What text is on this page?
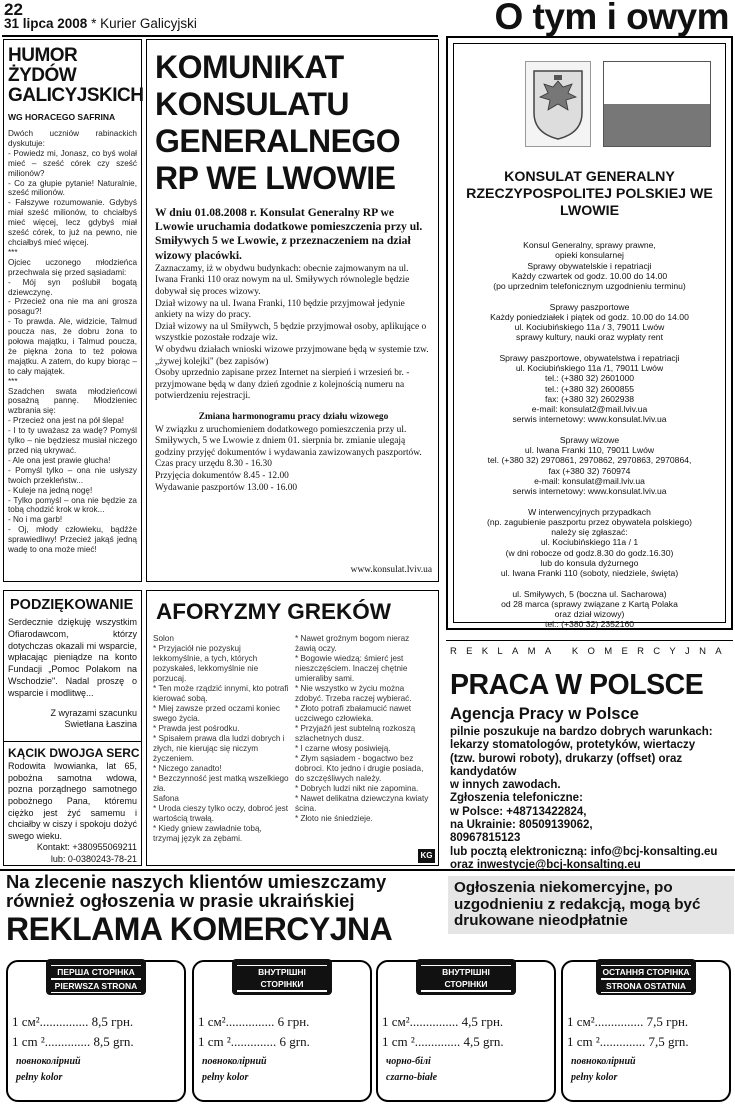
22
31 lipca 2008 * Kurier Galicyjski	O tym i owym
HUMOR ŻYDÓW GALICYJSKICH
WG HORACEGO SAFRINA
Dwóch uczniów rabinackich dyskutuje:
- Powiedz mi, Jonasz, co byś wolał mieć – sześć córek czy sześć milionów?
- Co za głupie pytanie! Naturalnie, sześć milionów.
- Fałszywe rozumowanie. Gdybyś miał sześć milionów, to chciałbyś mieć więcej, lecz gdybyś miał sześć córek, to już na pewno, nie chciałbyś mieć więcej.
***
Ojciec uczonego młodzieńca przechwala się przed sąsiadami:
- Mój syn poślubił bogatą dziewczynę.
- Przecież ona nie ma ani grosza posagu?!
- To prawda. Ale, widzicie, Talmud poucza nas, że dobru żona to połowa majątku, i Talmud poucza, że piękna żona to też połowa majątku. A zatem, do kupy biorąc – to cały majątek.
***
Szadchen swata młodzieńcowi posażną pannę. Młodzieniec wzbrania się:
- Przecież ona jest na pół ślepa!
- I to ty uważasz za wadę? Pomyśl tylko – nie będziesz musiał niczego przed nią ukrywać.
- Ale ona jest prawie głucha!
- Pomyśl tylko – ona nie usłyszy twoich przekleństw...
- Kuleje na jedną nogę!
- Tylko pomyśl – ona nie będzie za tobą chodzić krok w krok...
- No i ma garb!
- Oj, młody człowieku, bądźże sprawiedliwy! Przecież jakąś jedną wadę to ona może mieć!
KOMUNIKAT KONSULATU GENERALNEGO RP WE LWOWIE
W dniu 01.08.2008 r. Konsulat Generalny RP we Lwowie uruchamia dodatkowe pomieszczenia przy ul. Smiływych 5 we Lwowie, z przeznaczeniem na dział wizowy placówki.
Zaznaczamy, iż w obydwu budynkach: obecnie zajmowanym na ul. Iwana Franki 110 oraz nowym na ul. Smiływych równolegle będzie dobywał się proces wizowy.
Dział wizowy na ul. Iwana Franki, 110 będzie przyjmował jedynie ankiety na wizy do pracy.
Dział wizowy na ul Smiływch, 5 będzie przyjmował osoby, aplikujące o wszystkie pozostałe rodzaje wiz.
W obydwu działach wnioski wizowe przyjmowane będą w systemie tzw. „żywej kolejki" (bez zapisów)
Osoby uprzednio zapisane przez Internet na sierpień i wrzesień br. - przyjmowane będą w dany dzień zgodnie z kolejnością numeru na potwierdzeniu rejestracji.
Zmiana harmonogramu pracy działu wizowego
W związku z uruchomieniem dodatkowego pomieszczenia przy ul. Smiływych, 5 we Lwowie z dniem 01. sierpnia br. zmianie ulegają godziny przyjęć dokumentów i wydawania zawizowanych paszportów.
Czas pracy urzędu 8.30 - 16.30
Przyjęcia dokumentów 8.45 - 12.00
Wydawanie paszportów 13.00 - 16.00
www.konsulat.lviv.ua
KONSULAT GENERALNY RZECZYPOSPOLITEJ POLSKIEJ WE LWOWIE
Konsul Generalny, sprawy prawne,
opieki konsularnej
Sprawy obywatelskie i repatriacji
Każdy czwartek od godz. 10.00 do 14.00
(po uprzednim telefonicznym uzgodnieniu terminu)

Sprawy paszportowe
Każdy poniedziałek i piątek od godz. 10.00 do 14.00
ul. Kociubińskiego 11a / 3, 79011 Lwów
sprawy kultury, nauki oraz wypłaty rent

Sprawy paszportowe, obywatelstwa i repatriacji
ul. Kociubińskiego 11a /1, 79011 Lwów
tel.: (+380 32) 2601000
tel.: (+380 32) 2600855
fax: (+380 32) 2602938
e-mail: konsulat2@mail.lviv.ua
serwis internetowy: www.konsulat.lviv.ua

Sprawy wizowe
ul. Iwana Franki 110, 79011 Lwów
tel. (+380 32) 2970861, 2970862, 2970863, 2970864,
fax (+380 32) 760974
e-mail: konsulat@mail.lviv.ua
serwis internetowy: www.konsulat.lviv.ua

W interwencyjnych przypadkach
(np. zagubienie paszportu przez obywatela polskiego)
należy się zgłaszać:
ul. Kociubińskiego 11a / 1
(w dni robocze od godz.8.30 do godz.16.30)
lub do konsula dyżurnego
ul. Iwana Franki 110 (soboty, niedziele, święta)

ul. Smiływych, 5 (boczna ul. Sacharowa)
od 28 marca (sprawy związane z Kartą Polaka
oraz dział wizowy)
tel.: (+380 32) 2352160
PODZIĘKOWANIE
Serdecznie dziękuję wszystkim Ofiarodawcom, którzy dotychczas okazali mi wsparcie, wpłacając pieniądze na konto Fundacji „Pomoc Polakom na Wschodzie". Nadal proszę o wsparcie i modlitwę...
Z wyrazami szacunku
Swietłana Łaszina
KĄCIK DWOJGA SERC
Rodowita lwowianka, lat 65, pobożna samotna wdowa, pozna porządnego samotnego pobożnego Pana, któremu ciężko jest żyć samemu i chciałby w ciszy i spokoju dożyć swego wieku.
Kontakt: +380955069211
lub: 0-0380243-78-21
AFORYZMY GREKÓW
Solon
* Przyjaciół nie pozyskuj lekkomyślnie, a tych, których pozyskałeś, lekkomyślnie nie porzucaj.
* Ten może rządzić innymi, kto potrafi kierować sobą.
* Miej zawsze przed oczami koniec swego życia.
* Prawda jest pośrodku.
* Spisałem prawa dla ludzi dobrych i złych, nie kierując się niczym życzeniem.
* Niczego zanadto!
* Bezczynność jest matką wszelkiego zła.
Safona
* Uroda cieszy tylko oczy, dobroć jest wartością trwałą.
* Kiedy gniew zawładnie tobą, trzymaj język za zębami.
* Nawet groźnym bogom nieraz żawią oczy.
* Bogowie wiedzą: śmierć jest nieszczęściem. Inaczej chętnie umieraliby sami.
* Nie wszystko w życiu można zdobyć. Trzeba raczej wybierać.
* Złoto potrafi zbałamucić nawet uczciwego człowieka.
* Przyjaźń jest subtelną rozkoszą szlachetnych dusz.
* I czarne włosy posiwieją.
* Złym sąsiadem - bogactwo bez dobroci. Kto jedno i drugie posiada, do szczęśliwych należy.
* Dobrych ludzi nikt nie zapomina.
* Nawet delikatna dziewczyna kwiaty ścina.
* Złoto nie śniedzieje.
KG
REKLAMA KOMERCYJNA
PRACA W POLSCE
Agencja Pracy w Polsce
pilnie poszukuje na bardzo dobrych warunkach:
lekarzy stomatologów, protetyków, wiertaczy
(tzw. burowi roboty), drukarzy (offset) oraz kandydatów
w innych zawodach.
Zgłoszenia telefoniczne:
w Polsce: +48713422824,
na Ukrainie: 80509139062,
80967815123
lub pocztą elektroniczną: info@bcj-konsalting.eu
oraz inwestycje@bcj-konsalting.eu
Na zlecenie naszych klientów umieszczamy również ogłoszenia w prasie ukraińskiej
REKLAMA KOMERCYJNA
Ogłoszenia niekomercyjne, po uzgodnieniu z redakcją, mogą być drukowane nieodpłatnie
ПЕРША СТОРІНКА
PIERWSZA STRONA
1 см²............... 8,5 грн.
1 cm ².............. 8,5 grn.
повноколірний
pełny kolor
ВНУТРІШНІ СТОРІНКИ
STRONY WEWNĘTRZNE
1 см²............... 6 грн.
1 cm ².............. 6 grn.
повноколірний
pełny kolor
ВНУТРІШНІ СТОРІНКИ
STRONY WEWNĘTRZNE
1 см²............... 4,5 грн.
1 cm ².............. 4,5 grn.
чорно-білі
czarno-białe
ОСТАННЯ СТОРІНКА
STRONA OSTATNIA
1 см²............... 7,5 грн.
1 cm ².............. 7,5 grn.
повноколірний
pełny kolor
